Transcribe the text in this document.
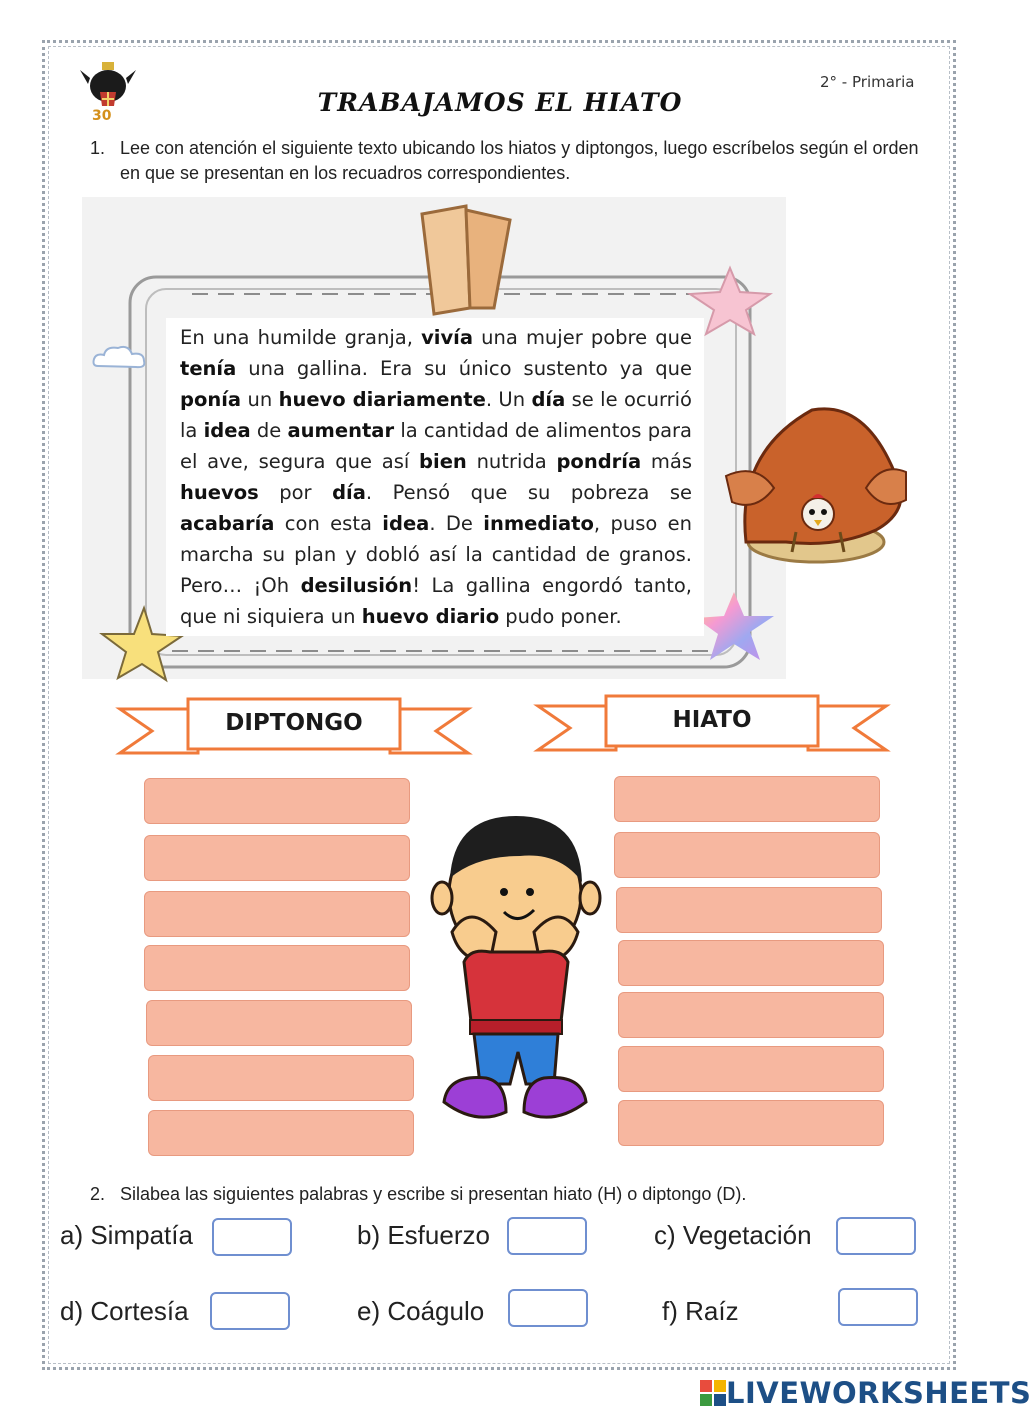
30
2° - Primaria
TRABAJAMOS EL HIATO
1. Lee con atención el siguiente texto ubicando los hiatos y diptongos, luego escríbelos según el orden en que se presentan en los recuadros correspondientes.
En una humilde granja, vivía una mujer pobre que tenía una gallina. Era su único sustento ya que ponía un huevo diariamente. Un día se le ocurrió la idea de aumentar la cantidad de alimentos para el ave, segura que así bien nutrida pondría más huevos por día. Pensó que su pobreza se acabaría con esta idea. De inmediato, puso en marcha su plan y dobló así la cantidad de granos. Pero… ¡Oh desilusión! La gallina engordó tanto, que ni siquiera un huevo diario pudo poner.
DIPTONGO	HIATO
2. Silabea las siguientes palabras y escribe si presentan hiato (H) o diptongo (D).
a) Simpatía	b) Esfuerzo	c) Vegetación
d) Cortesía	e) Coágulo	f) Raíz
LIVEWORKSHEETS
